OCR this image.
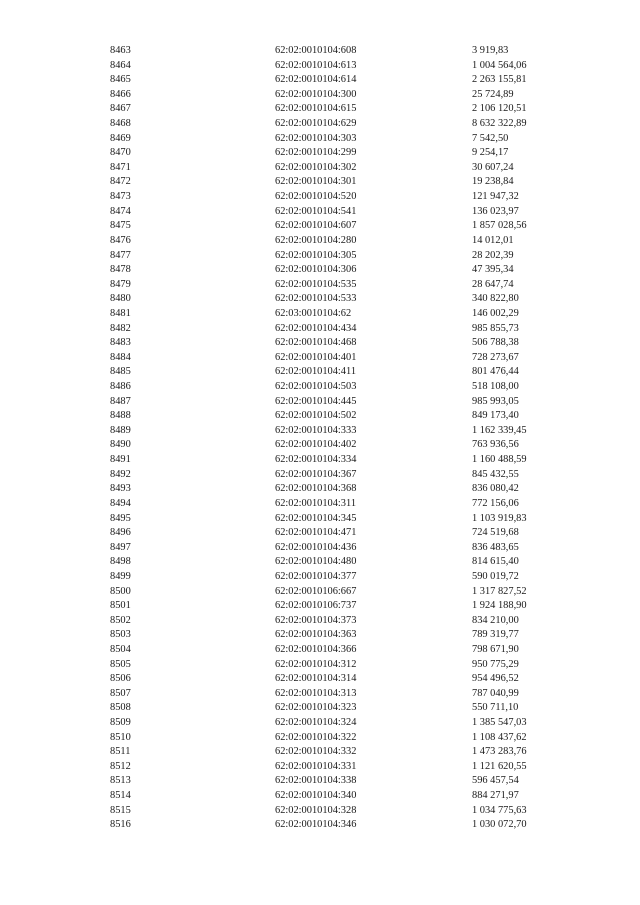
8463	62:02:0010104:608	3 919,83
8464	62:02:0010104:613	1 004 564,06
8465	62:02:0010104:614	2 263 155,81
8466	62:02:0010104:300	25 724,89
8467	62:02:0010104:615	2 106 120,51
8468	62:02:0010104:629	8 632 322,89
8469	62:02:0010104:303	7 542,50
8470	62:02:0010104:299	9 254,17
8471	62:02:0010104:302	30 607,24
8472	62:02:0010104:301	19 238,84
8473	62:02:0010104:520	121 947,32
8474	62:02:0010104:541	136 023,97
8475	62:02:0010104:607	1 857 028,56
8476	62:02:0010104:280	14 012,01
8477	62:02:0010104:305	28 202,39
8478	62:02:0010104:306	47 395,34
8479	62:02:0010104:535	28 647,74
8480	62:02:0010104:533	340 822,80
8481	62:03:0010104:62	146 002,29
8482	62:02:0010104:434	985 855,73
8483	62:02:0010104:468	506 788,38
8484	62:02:0010104:401	728 273,67
8485	62:02:0010104:411	801 476,44
8486	62:02:0010104:503	518 108,00
8487	62:02:0010104:445	985 993,05
8488	62:02:0010104:502	849 173,40
8489	62:02:0010104:333	1 162 339,45
8490	62:02:0010104:402	763 936,56
8491	62:02:0010104:334	1 160 488,59
8492	62:02:0010104:367	845 432,55
8493	62:02:0010104:368	836 080,42
8494	62:02:0010104:311	772 156,06
8495	62:02:0010104:345	1 103 919,83
8496	62:02:0010104:471	724 519,68
8497	62:02:0010104:436	836 483,65
8498	62:02:0010104:480	814 615,40
8499	62:02:0010104:377	590 019,72
8500	62:02:0010106:667	1 317 827,52
8501	62:02:0010106:737	1 924 188,90
8502	62:02:0010104:373	834 210,00
8503	62:02:0010104:363	789 319,77
8504	62:02:0010104:366	798 671,90
8505	62:02:0010104:312	950 775,29
8506	62:02:0010104:314	954 496,52
8507	62:02:0010104:313	787 040,99
8508	62:02:0010104:323	550 711,10
8509	62:02:0010104:324	1 385 547,03
8510	62:02:0010104:322	1 108 437,62
8511	62:02:0010104:332	1 473 283,76
8512	62:02:0010104:331	1 121 620,55
8513	62:02:0010104:338	596 457,54
8514	62:02:0010104:340	884 271,97
8515	62:02:0010104:328	1 034 775,63
8516	62:02:0010104:346	1 030 072,70
